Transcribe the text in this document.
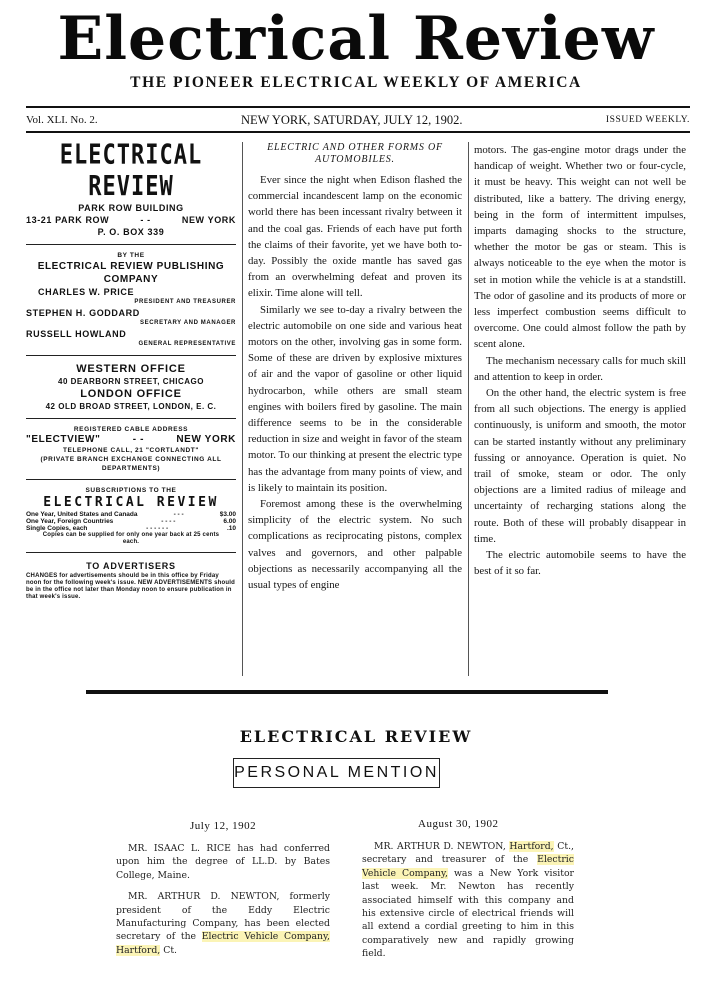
Electrical Review
THE PIONEER ELECTRICAL WEEKLY OF AMERICA
Vol. XLI. No. 2.	NEW YORK, SATURDAY, JULY 12, 1902.	ISSUED WEEKLY.
ELECTRICAL REVIEW
PARK ROW BUILDING
13-21 PARK ROW	- -	NEW YORK
P. O. BOX 339
BY THE
ELECTRICAL REVIEW PUBLISHING COMPANY
CHARLES W. PRICE
PRESIDENT AND TREASURER
STEPHEN H. GODDARD
SECRETARY AND MANAGER
RUSSELL HOWLAND
GENERAL REPRESENTATIVE
WESTERN OFFICE
40 DEARBORN STREET, CHICAGO
LONDON OFFICE
42 OLD BROAD STREET, LONDON, E. C.
REGISTERED CABLE ADDRESS
"ELECTVIEW"	- -	NEW YORK
TELEPHONE CALL, 21 "CORTLANDT"
(PRIVATE BRANCH EXCHANGE CONNECTING ALL DEPARTMENTS)
SUBSCRIPTIONS TO THE
ELECTRICAL REVIEW
One Year, United States and Canada	- - -	$3.00
One Year, Foreign Countries	- - - -	6.00
Single Copies, each	- - - - - -	.10
Copies can be supplied for only one year back at 25 cents each.
TO ADVERTISERS
CHANGES for advertisements should be in this office by Friday noon for the following week's issue. NEW ADVERTISEMENTS should be in the office not later than Monday noon to ensure publication in that week's issue.
ELECTRIC AND OTHER FORMS OF AUTOMOBILES.

Ever since the night when Edison flashed the commercial incandescent lamp on the economic world there has been incessant rivalry between it and the coal gas. Friends of each have put forth the claims of their favorite, yet we have both to-day. Possibly the oxide mantle has saved gas from an overwhelming defeat and proven its elixir. Time alone will tell.

Similarly we see to-day a rivalry between the electric automobile on one side and various heat motors on the other, involving gas in some form. Some of these are driven by explosive mixtures of air and the vapor of gasoline or other liquid hydrocarbon, while others are small steam engines with boilers fired by gasoline. The main difference seems to be in the considerable reduction in size and weight in favor of the steam motor. To our thinking at present the electric type has the advantage from many points of view, and is likely to maintain its position.

Foremost among these is the overwhelming simplicity of the electric system. No such complications as reciprocating pistons, complex valves and governors, and other palpable objections as necessarily accompanying all the usual types of engine

motors. The gas-engine motor drags under the handicap of weight. Whether two or four-cycle, it must be heavy. This weight can not well be distributed, like a battery. The driving energy, being in the form of intermittent impulses, imparts damaging shocks to the structure, whether the motor be gas or steam. This is always noticeable to the eye when the motor is set in motion while the vehicle is at a standstill. The odor of gasoline and its products of more or less imperfect combustion seems difficult to overcome. One could almost follow the path by scent alone.

The mechanism necessary calls for much skill and attention to keep in order.

On the other hand, the electric system is free from all such objections. The energy is applied continuously, is uniform and smooth, the motor can be started instantly without any preliminary fussing or annoyance. Operation is quiet. No trail of smoke, steam or odor. The only objections are a limited radius of mileage and uncertainty of recharging stations along the route. Both of these will probably disappear in time.

The electric automobile seems to have the best of it so far.

ELECTRICAL REVIEW
PERSONAL MENTION
July 12, 1902

MR. ISAAC L. RICE has had conferred upon him the degree of LL.D. by Bates College, Maine.

MR. ARTHUR D. NEWTON, formerly president of the Eddy Electric Manufacturing Company, has been elected secretary of the Electric Vehicle Company, Hartford, Ct.

August 30, 1902

MR. ARTHUR D. NEWTON, Hartford, Ct., secretary and treasurer of the Electric Vehicle Company, was a New York visitor last week. Mr. Newton has recently associated himself with this company and his extensive circle of electrical friends will all extend a cordial greeting to him in this comparatively new and rapidly growing field.
